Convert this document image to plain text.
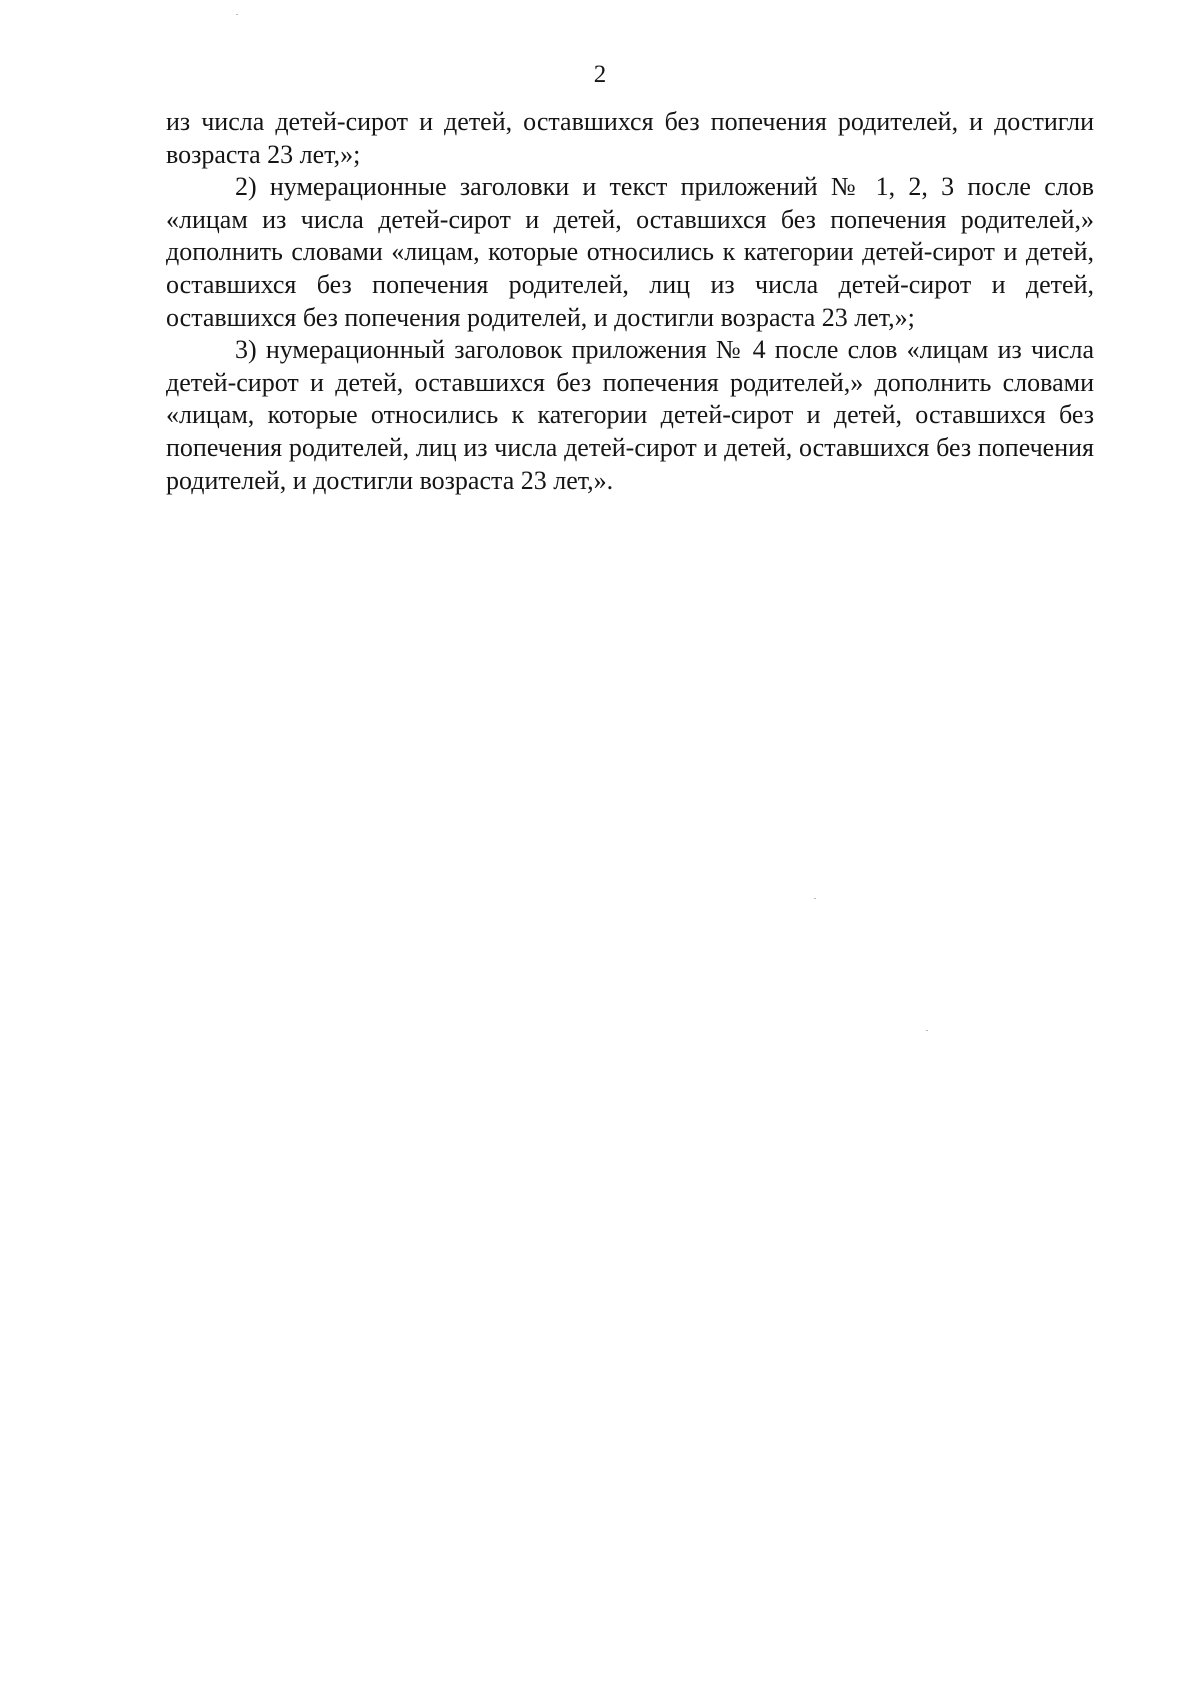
2

из числа детей-сирот и детей, оставшихся без попечения родителей, и достигли возраста 23 лет,»;

2) нумерационные заголовки и текст приложений № 1, 2, 3 после слов «лицам из числа детей-сирот и детей, оставшихся без попечения родителей,» дополнить словами «лицам, которые относились к категории детей-сирот и детей, оставшихся без попечения родителей, лиц из числа детей-сирот и детей, оставшихся без попечения родителей, и достигли возраста 23 лет,»;

3) нумерационный заголовок приложения № 4 после слов «лицам из числа детей-сирот и детей, оставшихся без попечения родителей,» дополнить словами «лицам, которые относились к категории детей-сирот и детей, оставшихся без попечения родителей, лиц из числа детей-сирот и детей, оставшихся без попечения родителей, и достигли возраста 23 лет,».
